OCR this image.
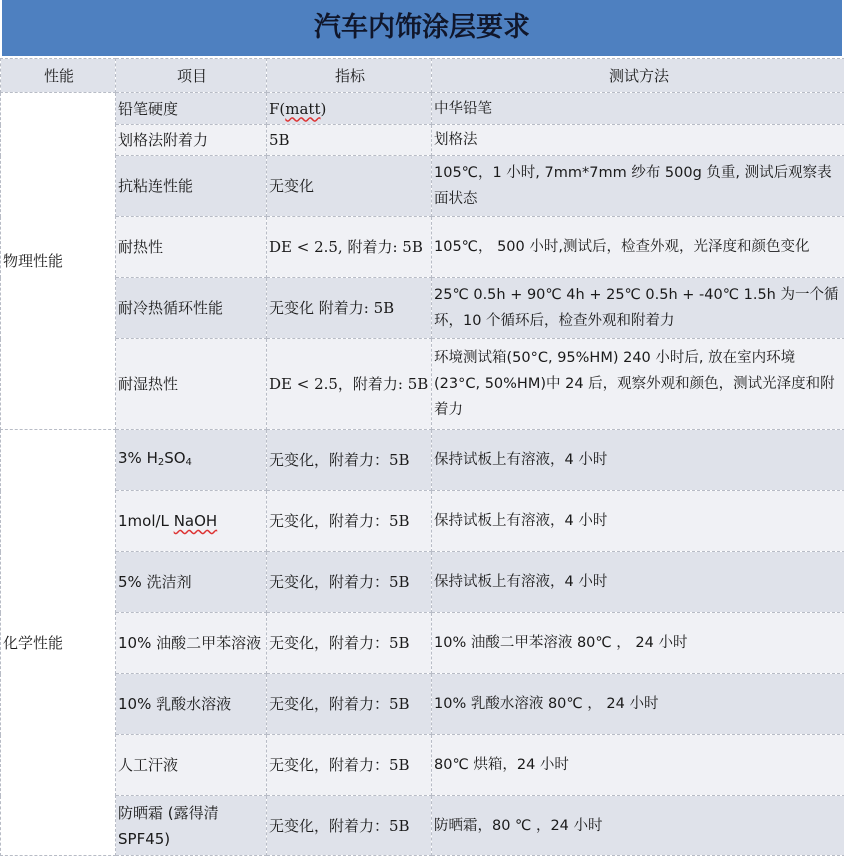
汽车内饰涂层要求
性能	项目	指标	测试方法
物理性能	铅笔硬度	F(matt)	中华铅笔
	划格法附着力	5B	划格法
	抗粘连性能	无变化	105℃，1 小时, 7mm*7mm 纱布 500g 负重, 测试后观察表面状态
	耐热性	DE < 2.5, 附着力: 5B	105℃， 500 小时,测试后，检查外观，光泽度和颜色变化
	耐冷热循环性能	无变化 附着力: 5B	25℃ 0.5h + 90℃ 4h + 25℃ 0.5h + -40℃ 1.5h 为一个循环，10 个循环后，检查外观和附着力
	耐湿热性	DE < 2.5，附着力: 5B	环境测试箱(50°C, 95%HM) 240 小时后, 放在室内环境 (23°C, 50%HM)中 24 后，观察外观和颜色，测试光泽度和附着力
化学性能	3% $H_2SO_4$	无变化，附着力：5B	保持试板上有溶液，4 小时
	1mol/L NaOH	无变化，附着力：5B	保持试板上有溶液，4 小时
	5% 洗洁剂	无变化，附着力：5B	保持试板上有溶液，4 小时
	10% 油酸二甲苯溶液	无变化，附着力：5B	10% 油酸二甲苯溶液 80℃ ， 24 小时
	10% 乳酸水溶液	无变化，附着力：5B	10% 乳酸水溶液 80℃ ， 24 小时
	人工汗液	无变化，附着力：5B	80℃ 烘箱，24 小时
	防晒霜 (露得清 SPF45)	无变化，附着力：5B	防晒霜，80 ℃ ，24 小时
